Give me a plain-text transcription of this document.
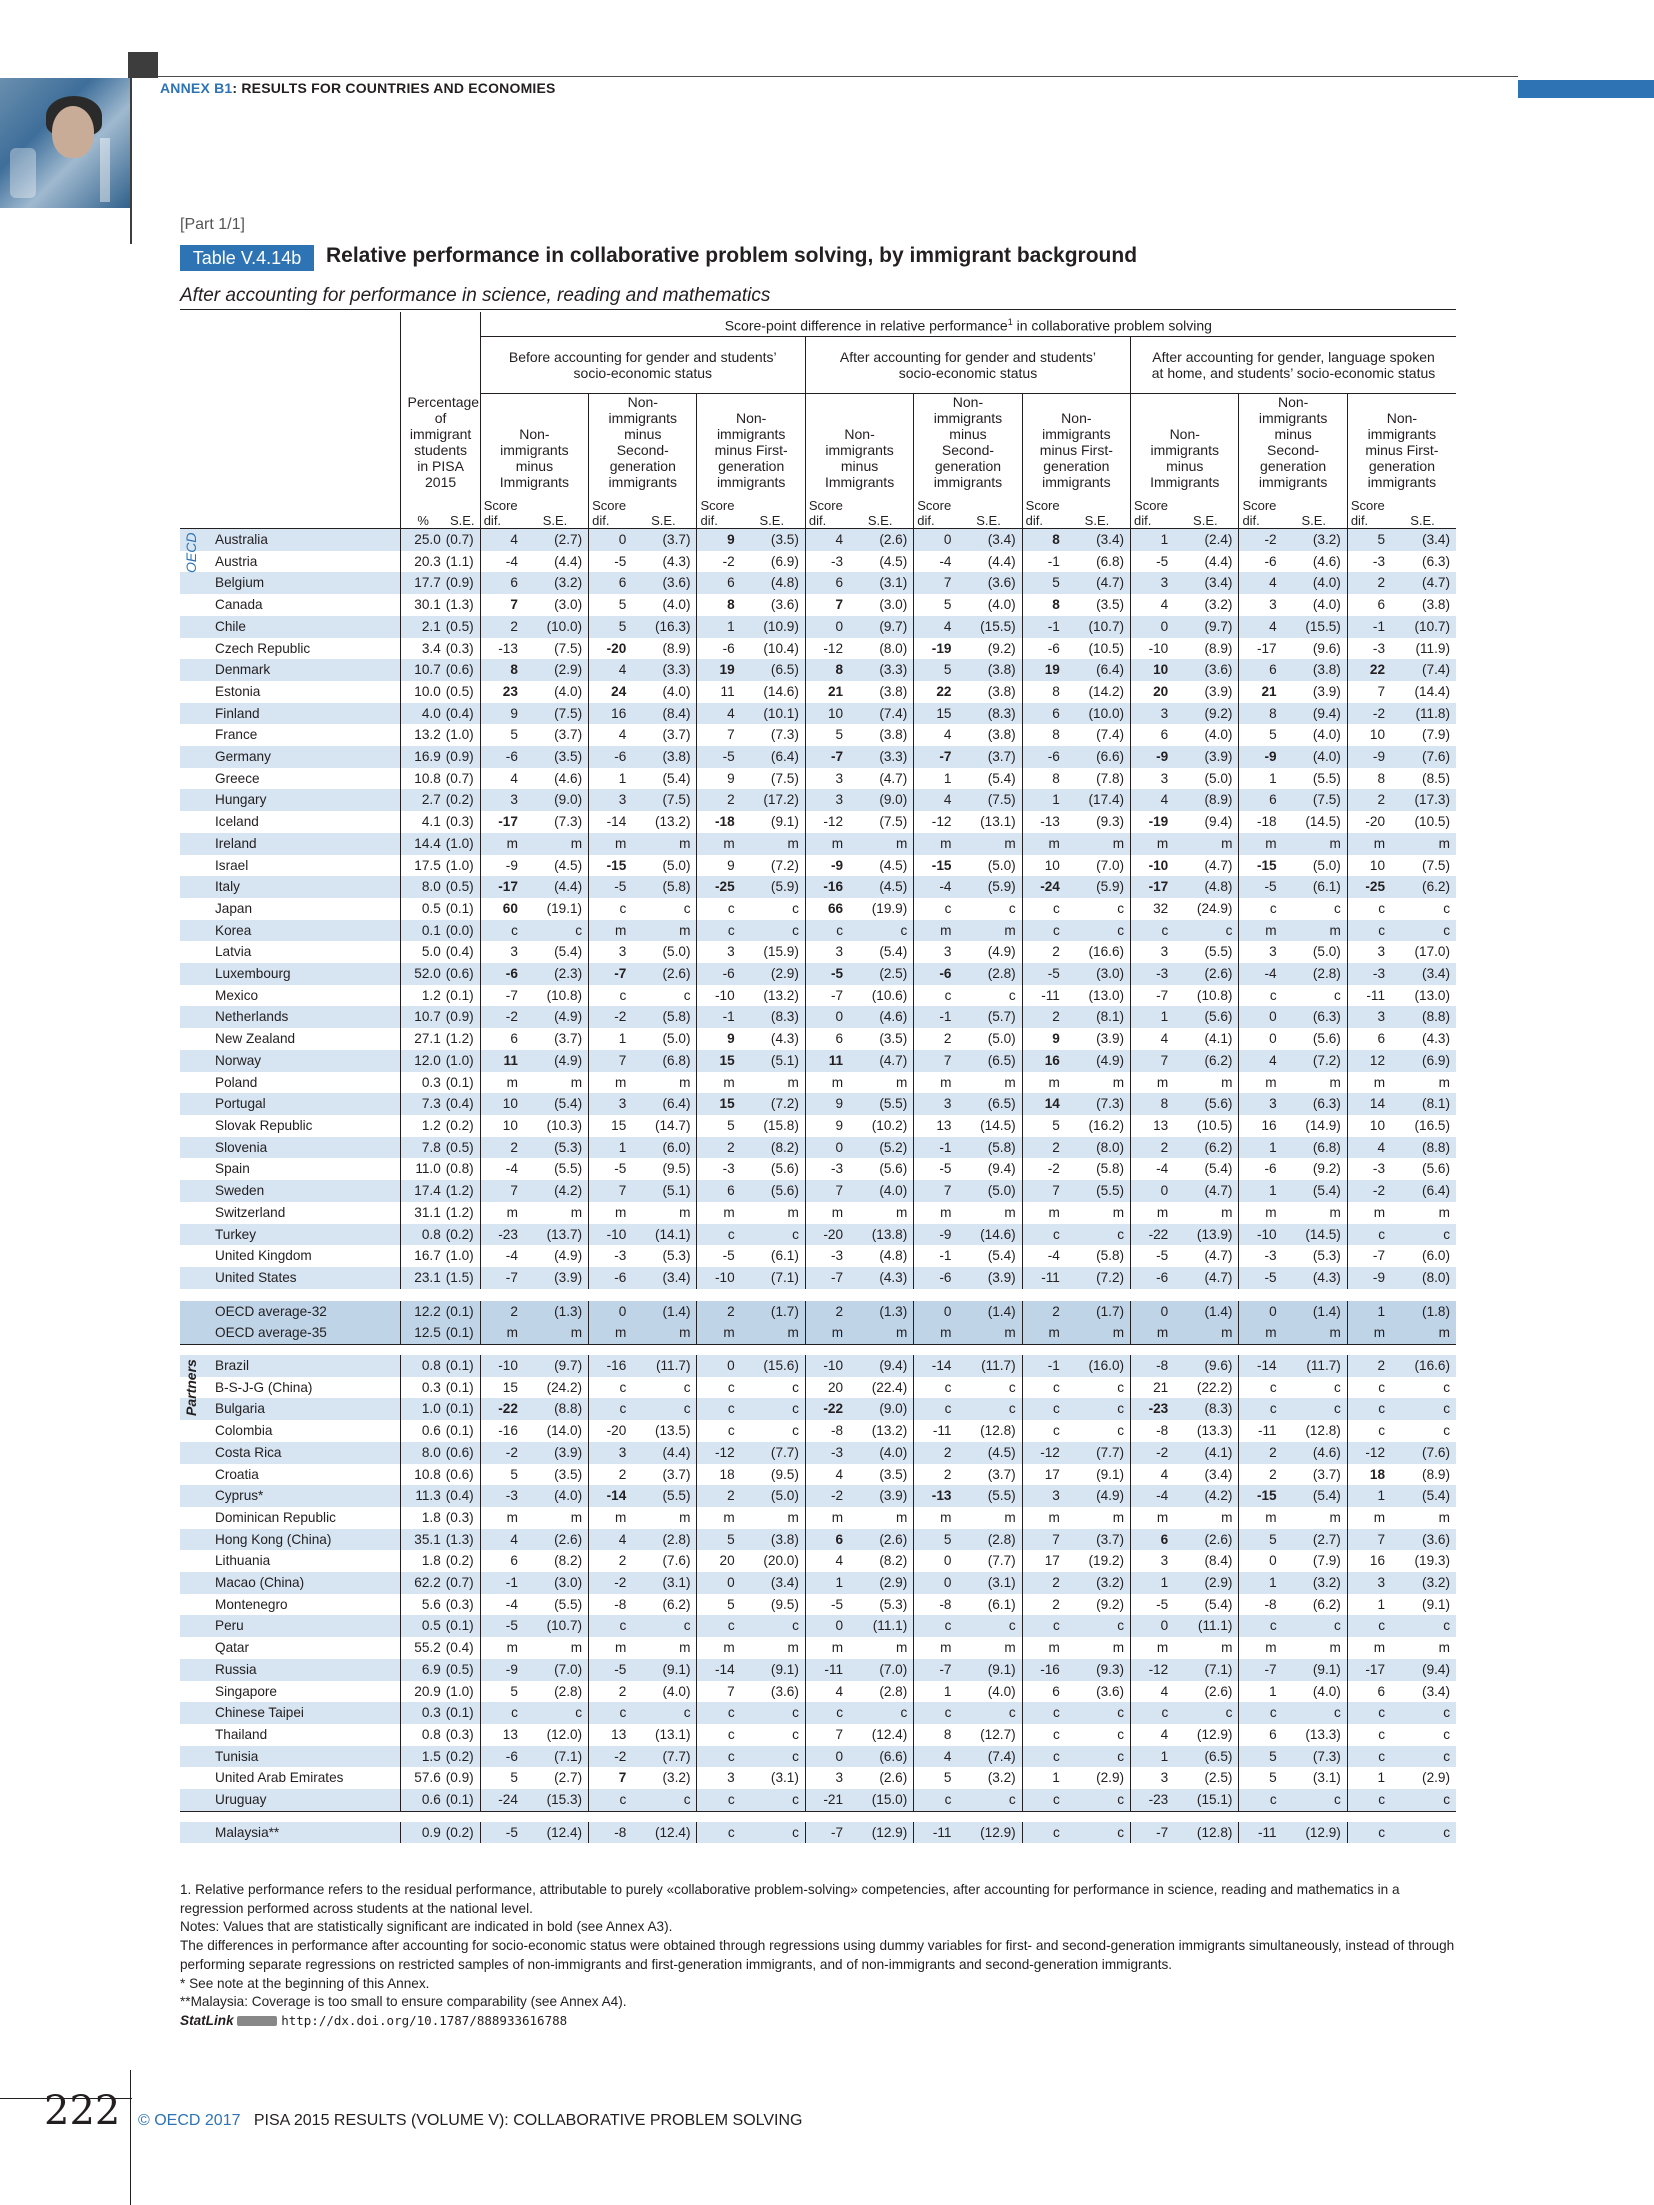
ANNEX B1: RESULTS FOR COUNTRIES AND ECONOMIES
[Part 1/1]
Table V.4.14b	Relative performance in collaborative problem solving, by immigrant background
After accounting for performance in science, reading and mathematics
			Score-point difference in relative performance$^1$ in collaborative problem solving																	
			Before accounting for gender and students’ socio-economic status						After accounting for gender and students’ socio-economic status						After accounting for gender, language spoken at home, and students’ socio-economic status					
	Percentage of immigrant students in PISA 2015		Non-immigrants minus Immigrants		Non-immigrants minus Second-generation immigrants		Non-immigrants minus First-generation immigrants		Non-immigrants minus Immigrants		Non-immigrants minus Second-generation immigrants		Non-immigrants minus First-generation immigrants		Non-immigrants minus Immigrants		Non-immigrants minus Second-generation immigrants		Non-immigrants minus First-generation immigrants	
	%	S.E.	Score dif.	S.E.	Score dif.	S.E.	Score dif.	S.E.	Score dif.	S.E.	Score dif.	S.E.	Score dif.	S.E.	Score dif.	S.E.	Score dif.	S.E.	Score dif.	S.E.
Australia	25.0	(0.7)	4	(2.7)	0	(3.7)	9	(3.5)	4	(2.6)	0	(3.4)	8	(3.4)	1	(2.4)	-2	(3.2)	5	(3.4)
Austria	20.3	(1.1)	-4	(4.4)	-5	(4.3)	-2	(6.9)	-3	(4.5)	-4	(4.4)	-1	(6.8)	-5	(4.4)	-6	(4.6)	-3	(6.3)
Belgium	17.7	(0.9)	6	(3.2)	6	(3.6)	6	(4.8)	6	(3.1)	7	(3.6)	5	(4.7)	3	(3.4)	4	(4.0)	2	(4.7)
Canada	30.1	(1.3)	7	(3.0)	5	(4.0)	8	(3.6)	7	(3.0)	5	(4.0)	8	(3.5)	4	(3.2)	3	(4.0)	6	(3.8)
Chile	2.1	(0.5)	2	(10.0)	5	(16.3)	1	(10.9)	0	(9.7)	4	(15.5)	-1	(10.7)	0	(9.7)	4	(15.5)	-1	(10.7)
Czech Republic	3.4	(0.3)	-13	(7.5)	-20	(8.9)	-6	(10.4)	-12	(8.0)	-19	(9.2)	-6	(10.5)	-10	(8.9)	-17	(9.6)	-3	(11.9)
Denmark	10.7	(0.6)	8	(2.9)	4	(3.3)	19	(6.5)	8	(3.3)	5	(3.8)	19	(6.4)	10	(3.6)	6	(3.8)	22	(7.4)
Estonia	10.0	(0.5)	23	(4.0)	24	(4.0)	11	(14.6)	21	(3.8)	22	(3.8)	8	(14.2)	20	(3.9)	21	(3.9)	7	(14.4)
Finland	4.0	(0.4)	9	(7.5)	16	(8.4)	4	(10.1)	10	(7.4)	15	(8.3)	6	(10.0)	3	(9.2)	8	(9.4)	-2	(11.8)
France	13.2	(1.0)	5	(3.7)	4	(3.7)	7	(7.3)	5	(3.8)	4	(3.8)	8	(7.4)	6	(4.0)	5	(4.0)	10	(7.9)
Germany	16.9	(0.9)	-6	(3.5)	-6	(3.8)	-5	(6.4)	-7	(3.3)	-7	(3.7)	-6	(6.6)	-9	(3.9)	-9	(4.0)	-9	(7.6)
Greece	10.8	(0.7)	4	(4.6)	1	(5.4)	9	(7.5)	3	(4.7)	1	(5.4)	8	(7.8)	3	(5.0)	1	(5.5)	8	(8.5)
Hungary	2.7	(0.2)	3	(9.0)	3	(7.5)	2	(17.2)	3	(9.0)	4	(7.5)	1	(17.4)	4	(8.9)	6	(7.5)	2	(17.3)
Iceland	4.1	(0.3)	-17	(7.3)	-14	(13.2)	-18	(9.1)	-12	(7.5)	-12	(13.1)	-13	(9.3)	-19	(9.4)	-18	(14.5)	-20	(10.5)
Ireland	14.4	(1.0)	m	m	m	m	m	m	m	m	m	m	m	m	m	m	m	m	m	m
Israel	17.5	(1.0)	-9	(4.5)	-15	(5.0)	9	(7.2)	-9	(4.5)	-15	(5.0)	10	(7.0)	-10	(4.7)	-15	(5.0)	10	(7.5)
Italy	8.0	(0.5)	-17	(4.4)	-5	(5.8)	-25	(5.9)	-16	(4.5)	-4	(5.9)	-24	(5.9)	-17	(4.8)	-5	(6.1)	-25	(6.2)
Japan	0.5	(0.1)	60	(19.1)	c	c	c	c	66	(19.9)	c	c	c	c	32	(24.9)	c	c	c	c
Korea	0.1	(0.0)	c	c	m	m	c	c	c	c	m	m	c	c	c	c	m	m	c	c
Latvia	5.0	(0.4)	3	(5.4)	3	(5.0)	3	(15.9)	3	(5.4)	3	(4.9)	2	(16.6)	3	(5.5)	3	(5.0)	3	(17.0)
Luxembourg	52.0	(0.6)	-6	(2.3)	-7	(2.6)	-6	(2.9)	-5	(2.5)	-6	(2.8)	-5	(3.0)	-3	(2.6)	-4	(2.8)	-3	(3.4)
Mexico	1.2	(0.1)	-7	(10.8)	c	c	-10	(13.2)	-7	(10.6)	c	c	-11	(13.0)	-7	(10.8)	c	c	-11	(13.0)
Netherlands	10.7	(0.9)	-2	(4.9)	-2	(5.8)	-1	(8.3)	0	(4.6)	-1	(5.7)	2	(8.1)	1	(5.6)	0	(6.3)	3	(8.8)
New Zealand	27.1	(1.2)	6	(3.7)	1	(5.0)	9	(4.3)	6	(3.5)	2	(5.0)	9	(3.9)	4	(4.1)	0	(5.6)	6	(4.3)
Norway	12.0	(1.0)	11	(4.9)	7	(6.8)	15	(5.1)	11	(4.7)	7	(6.5)	16	(4.9)	7	(6.2)	4	(7.2)	12	(6.9)
Poland	0.3	(0.1)	m	m	m	m	m	m	m	m	m	m	m	m	m	m	m	m	m	m
Portugal	7.3	(0.4)	10	(5.4)	3	(6.4)	15	(7.2)	9	(5.5)	3	(6.5)	14	(7.3)	8	(5.6)	3	(6.3)	14	(8.1)
Slovak Republic	1.2	(0.2)	10	(10.3)	15	(14.7)	5	(15.8)	9	(10.2)	13	(14.5)	5	(16.2)	13	(10.5)	16	(14.9)	10	(16.5)
Slovenia	7.8	(0.5)	2	(5.3)	1	(6.0)	2	(8.2)	0	(5.2)	-1	(5.8)	2	(8.0)	2	(6.2)	1	(6.8)	4	(8.8)
Spain	11.0	(0.8)	-4	(5.5)	-5	(9.5)	-3	(5.6)	-3	(5.6)	-5	(9.4)	-2	(5.8)	-4	(5.4)	-6	(9.2)	-3	(5.6)
Sweden	17.4	(1.2)	7	(4.2)	7	(5.1)	6	(5.6)	7	(4.0)	7	(5.0)	7	(5.5)	0	(4.7)	1	(5.4)	-2	(6.4)
Switzerland	31.1	(1.2)	m	m	m	m	m	m	m	m	m	m	m	m	m	m	m	m	m	m
Turkey	0.8	(0.2)	-23	(13.7)	-10	(14.1)	c	c	-20	(13.8)	-9	(14.6)	c	c	-22	(13.9)	-10	(14.5)	c	c
United Kingdom	16.7	(1.0)	-4	(4.9)	-3	(5.3)	-5	(6.1)	-3	(4.8)	-1	(5.4)	-4	(5.8)	-5	(4.7)	-3	(5.3)	-7	(6.0)
United States	23.1	(1.5)	-7	(3.9)	-6	(3.4)	-10	(7.1)	-7	(4.3)	-6	(3.9)	-11	(7.2)	-6	(4.7)	-5	(4.3)	-9	(8.0)

OECD average-32	12.2	(0.1)	2	(1.3)	0	(1.4)	2	(1.7)	2	(1.3)	0	(1.4)	2	(1.7)	0	(1.4)	0	(1.4)	1	(1.8)
OECD average-35	12.5	(0.1)	m	m	m	m	m	m	m	m	m	m	m	m	m	m	m	m	m	m

Brazil	0.8	(0.1)	-10	(9.7)	-16	(11.7)	0	(15.6)	-10	(9.4)	-14	(11.7)	-1	(16.0)	-8	(9.6)	-14	(11.7)	2	(16.6)
B-S-J-G (China)	0.3	(0.1)	15	(24.2)	c	c	c	c	20	(22.4)	c	c	c	c	21	(22.2)	c	c	c	c
Bulgaria	1.0	(0.1)	-22	(8.8)	c	c	c	c	-22	(9.0)	c	c	c	c	-23	(8.3)	c	c	c	c
Colombia	0.6	(0.1)	-16	(14.0)	-20	(13.5)	c	c	-8	(13.2)	-11	(12.8)	c	c	-8	(13.3)	-11	(12.8)	c	c
Costa Rica	8.0	(0.6)	-2	(3.9)	3	(4.4)	-12	(7.7)	-3	(4.0)	2	(4.5)	-12	(7.7)	-2	(4.1)	2	(4.6)	-12	(7.6)
Croatia	10.8	(0.6)	5	(3.5)	2	(3.7)	18	(9.5)	4	(3.5)	2	(3.7)	17	(9.1)	4	(3.4)	2	(3.7)	18	(8.9)
Cyprus*	11.3	(0.4)	-3	(4.0)	-14	(5.5)	2	(5.0)	-2	(3.9)	-13	(5.5)	3	(4.9)	-4	(4.2)	-15	(5.4)	1	(5.4)
Dominican Republic	1.8	(0.3)	m	m	m	m	m	m	m	m	m	m	m	m	m	m	m	m	m	m
Hong Kong (China)	35.1	(1.3)	4	(2.6)	4	(2.8)	5	(3.8)	6	(2.6)	5	(2.8)	7	(3.7)	6	(2.6)	5	(2.7)	7	(3.6)
Lithuania	1.8	(0.2)	6	(8.2)	2	(7.6)	20	(20.0)	4	(8.2)	0	(7.7)	17	(19.2)	3	(8.4)	0	(7.9)	16	(19.3)
Macao (China)	62.2	(0.7)	-1	(3.0)	-2	(3.1)	0	(3.4)	1	(2.9)	0	(3.1)	2	(3.2)	1	(2.9)	1	(3.2)	3	(3.2)
Montenegro	5.6	(0.3)	-4	(5.5)	-8	(6.2)	5	(9.5)	-5	(5.3)	-8	(6.1)	2	(9.2)	-5	(5.4)	-8	(6.2)	1	(9.1)
Peru	0.5	(0.1)	-5	(10.7)	c	c	c	c	0	(11.1)	c	c	c	c	0	(11.1)	c	c	c	c
Qatar	55.2	(0.4)	m	m	m	m	m	m	m	m	m	m	m	m	m	m	m	m	m	m
Russia	6.9	(0.5)	-9	(7.0)	-5	(9.1)	-14	(9.1)	-11	(7.0)	-7	(9.1)	-16	(9.3)	-12	(7.1)	-7	(9.1)	-17	(9.4)
Singapore	20.9	(1.0)	5	(2.8)	2	(4.0)	7	(3.6)	4	(2.8)	1	(4.0)	6	(3.6)	4	(2.6)	1	(4.0)	6	(3.4)
Chinese Taipei	0.3	(0.1)	c	c	c	c	c	c	c	c	c	c	c	c	c	c	c	c	c	c
Thailand	0.8	(0.3)	13	(12.0)	13	(13.1)	c	c	7	(12.4)	8	(12.7)	c	c	4	(12.9)	6	(13.3)	c	c
Tunisia	1.5	(0.2)	-6	(7.1)	-2	(7.7)	c	c	0	(6.6)	4	(7.4)	c	c	1	(6.5)	5	(7.3)	c	c
United Arab Emirates	57.6	(0.9)	5	(2.7)	7	(3.2)	3	(3.1)	3	(2.6)	5	(3.2)	1	(2.9)	3	(2.5)	5	(3.1)	1	(2.9)
Uruguay	0.6	(0.1)	-24	(15.3)	c	c	c	c	-21	(15.0)	c	c	c	c	-23	(15.1)	c	c	c	c

Malaysia**	0.9	(0.2)	-5	(12.4)	-8	(12.4)	c	c	-7	(12.9)	-11	(12.9)	c	c	-7	(12.8)	-11	(12.9)	c	c
OECD
Partners

1. Relative performance refers to the residual performance, attributable to purely «collaborative problem-solving» competencies, after accounting for performance in science, reading and mathematics in a regression performed across students at the national level.

Notes: Values that are statistically significant are indicated in bold (see Annex A3).

The differences in performance after accounting for socio-economic status were obtained through regressions using dummy variables for first- and second-generation immigrants simultaneously, instead of through performing separate regressions on restricted samples of non-immigrants and first-generation immigrants, and of non-immigrants and second-generation immigrants.

* See note at the beginning of this Annex.

**Malaysia: Coverage is too small to ensure comparability (see Annex A4).

StatLink	http://dx.doi.org/10.1787/888933616788

222 © OECD 2017 PISA 2015 RESULTS (VOLUME V): COLLABORATIVE PROBLEM SOLVING
